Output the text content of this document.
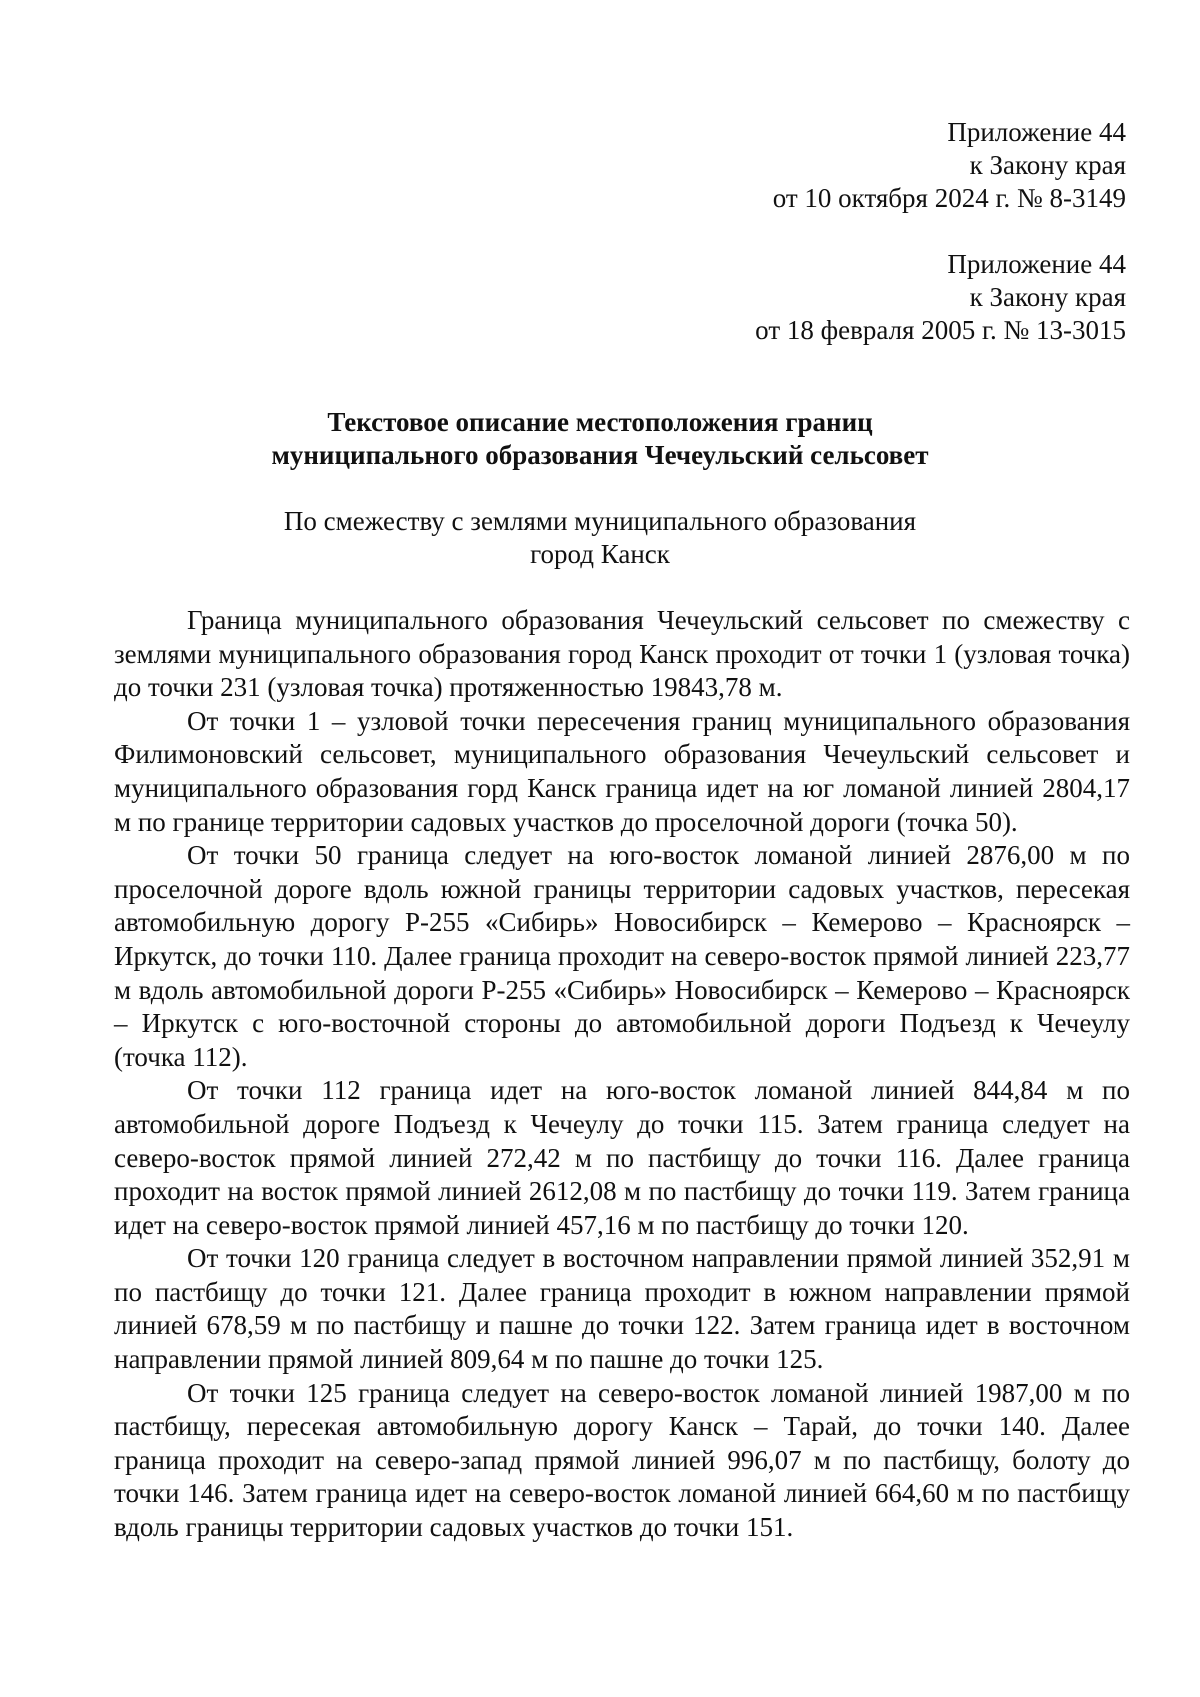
Приложение 44
к Закону края
от 10 октября 2024 г. № 8-3149
Приложение 44
к Закону края
от 18 февраля 2005 г. № 13-3015
Текстовое описание местоположения границ
муниципального образования Чечеульский сельсовет
По смежеству с землями муниципального образования
город Канск

Граница муниципального образования Чечеульский сельсовет по смежеству с землями муниципального образования город Канск проходит от точки 1 (узловая точка) до точки 231 (узловая точка) протяженностью 19843,78 м.

От точки 1 – узловой точки пересечения границ муниципального образования Филимоновский сельсовет, муниципального образования Чечеульский сельсовет и муниципального образования горд Канск граница идет на юг ломаной линией 2804,17 м по границе территории садовых участков до проселочной дороги (точка 50).

От точки 50 граница следует на юго-восток ломаной линией 2876,00 м по проселочной дороге вдоль южной границы территории садовых участков, пересекая автомобильную дорогу Р-255 «Сибирь» Новосибирск – Кемерово – Красноярск – Иркутск, до точки 110. Далее граница проходит на северо-восток прямой линией 223,77 м вдоль автомобильной дороги Р-255 «Сибирь» Новосибирск – Кемерово – Красноярск – Иркутск с юго-восточной стороны до автомобильной дороги Подъезд к Чечеулу (точка 112).

От точки 112 граница идет на юго-восток ломаной линией 844,84 м по автомобильной дороге Подъезд к Чечеулу до точки 115. Затем граница следует на северо-восток прямой линией 272,42 м по пастбищу до точки 116. Далее граница проходит на восток прямой линией 2612,08 м по пастбищу до точки 119. Затем граница идет на северо-восток прямой линией 457,16 м по пастбищу до точки 120.

От точки 120 граница следует в восточном направлении прямой линией 352,91 м по пастбищу до точки 121. Далее граница проходит в южном направлении прямой линией 678,59 м по пастбищу и пашне до точки 122. Затем граница идет в восточном направлении прямой линией 809,64 м по пашне до точки 125.

От точки 125 граница следует на северо-восток ломаной линией 1987,00 м по пастбищу, пересекая автомобильную дорогу Канск – Тарай, до точки 140. Далее граница проходит на северо-запад прямой линией 996,07 м по пастбищу, болоту до точки 146. Затем граница идет на северо-восток ломаной линией 664,60 м по пастбищу вдоль границы территории садовых участков до точки 151.
